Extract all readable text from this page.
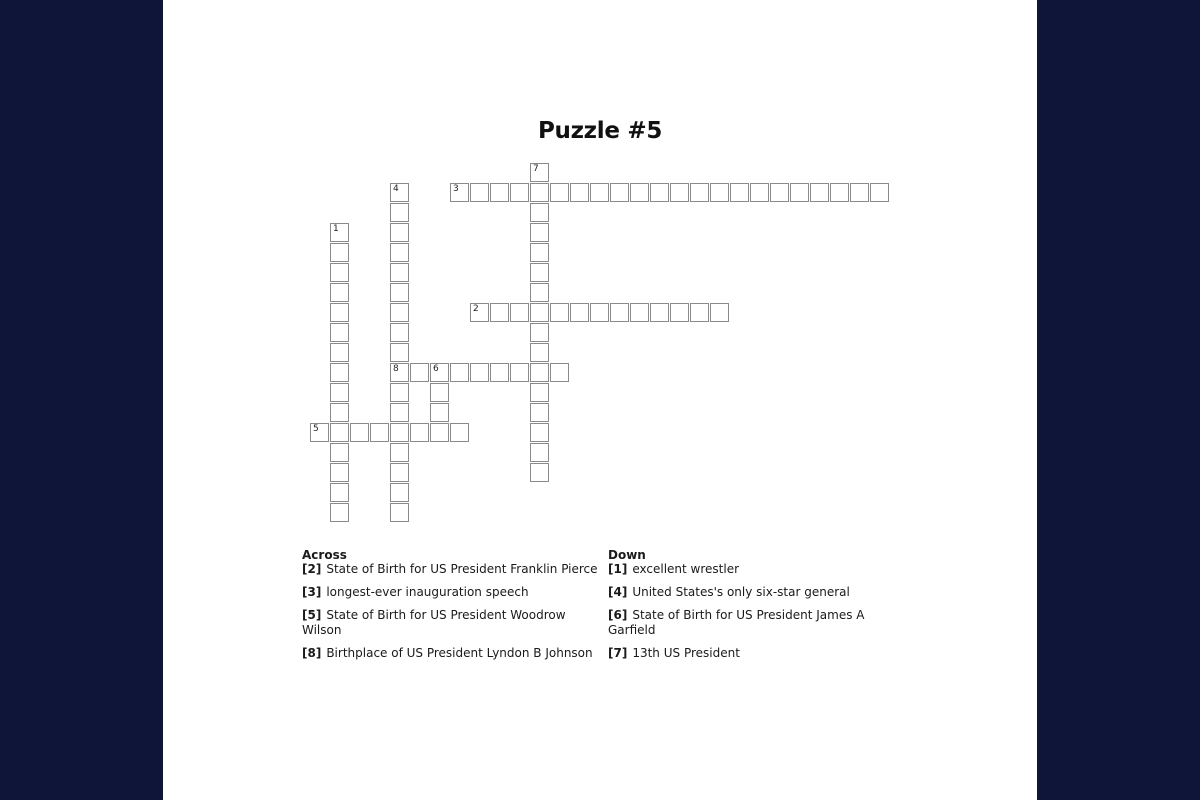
Puzzle #5
1
2
3
4
8
5
6
7
Across
[2] State of Birth for US President Franklin Pierce
[3] longest-ever inauguration speech
[5] State of Birth for US President Woodrow Wilson
[8] Birthplace of US President Lyndon B Johnson
Down
[1] excellent wrestler
[4] United States's only six-star general
[6] State of Birth for US President James A Garfield
[7] 13th US President
